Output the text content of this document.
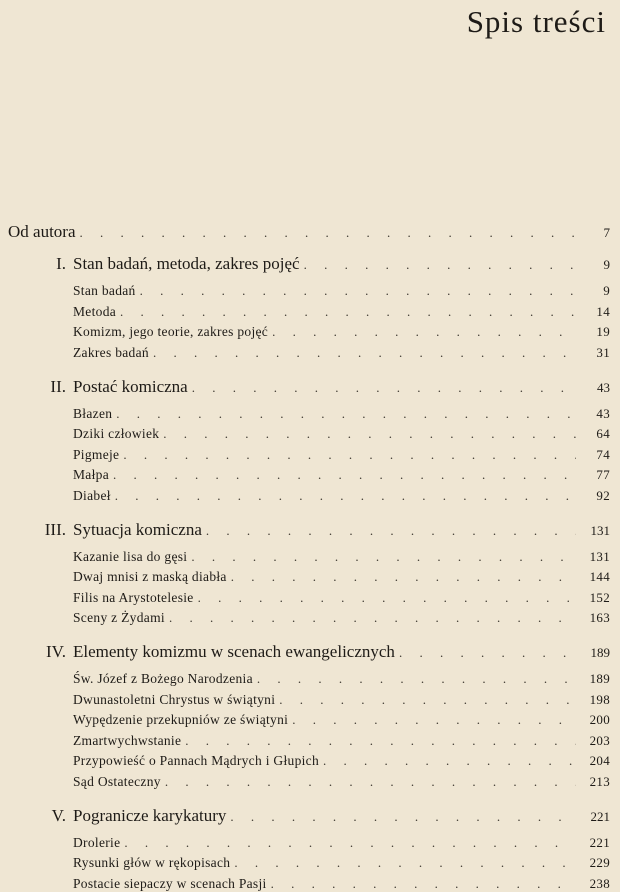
Spis treści
Od autora . . .	7
I. Stan badań, metoda, zakres pojęć . . .	9
Stan badań . . .	9
Metoda . . .	14
Komizm, jego teorie, zakres pojęć . . .	19
Zakres badań . . .	31
II. Postać komiczna . . .	43
Błazen . . .	43
Dziki człowiek . . .	64
Pigmeje . . .	74
Małpa . . .	77
Diabeł . . .	92
III. Sytuacja komiczna . . .	131
Kazanie lisa do gęsi . . .	131
Dwaj mnisi z maską diabła . . .	144
Filis na Arystotelesie . . .	152
Sceny z Żydami . . .	163
IV. Elementy komizmu w scenach ewangelicznych . . .	189
Św. Józef z Bożego Narodzenia . . .	189
Dwunastoletni Chrystus w świątyni . . .	198
Wypędzenie przekupniów ze świątyni . . .	200
Zmartwychwstanie . . .	203
Przypowieść o Pannach Mądrych i Głupich . . .	204
Sąd Ostateczny . . .	213
V. Pogranicze karykatury . . .	221
Drolerie . . .	221
Rysunki głów w rękopisach . . .	229
Postacie siepaczy w scenach Pasji . . .	238
